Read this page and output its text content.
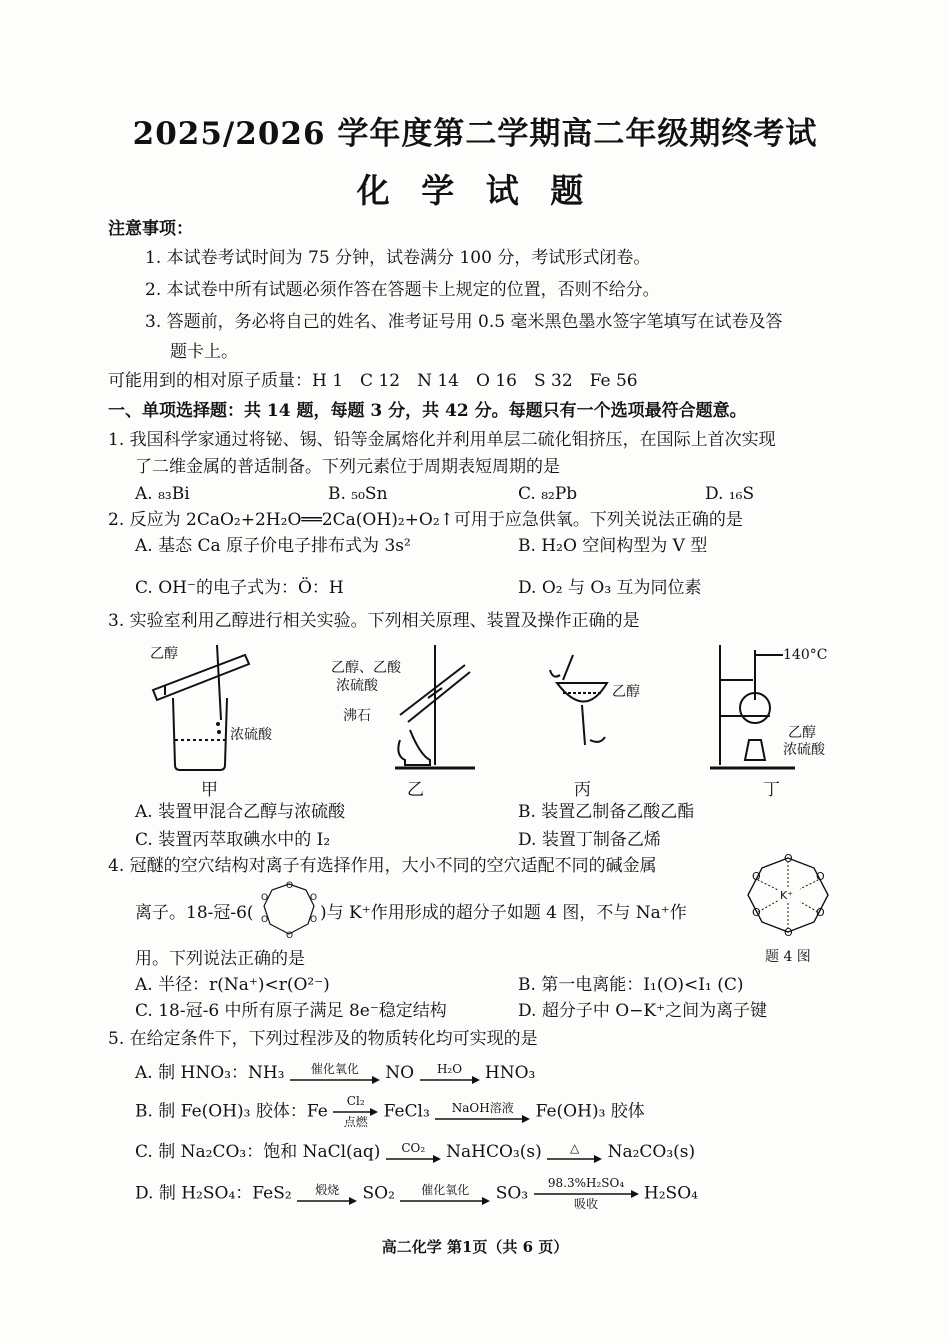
2025/2026 学年度第二学期高二年级期终考试
化 学 试 题
注意事项：
1. 本试卷考试时间为 75 分钟，试卷满分 100 分，考试形式闭卷。
2. 本试卷中所有试题必须作答在答题卡上规定的位置，否则不给分。
3. 答题前，务必将自己的姓名、准考证号用 0.5 毫米黑色墨水签字笔填写在试卷及答
题卡上。
可能用到的相对原子质量：H 1　C 12　N 14　O 16　S 32　Fe 56
一、单项选择题：共 14 题，每题 3 分，共 42 分。每题只有一个选项最符合题意。
1. 我国科学家通过将铋、锡、铅等金属熔化并利用单层二硫化钼挤压，在国际上首次实现
了二维金属的普适制备。下列元素位于周期表短周期的是
A. ₈₃Bi	B. ₅₀Sn	C. ₈₂Pb	D. ₁₆S
2. 反应为 2CaO₂+2H₂O══2Ca(OH)₂+O₂↑可用于应急供氧。下列关说法正确的是
A. 基态 Ca 原子价电子排布式为 3s²	B. H₂O 空间构型为 V 型
C. OH⁻的电子式为：Ö：H	D. O₂ 与 O₃ 互为同位素
3. 实验室利用乙醇进行相关实验。下列相关原理、装置及操作正确的是
乙醇
浓硫酸
乙醇、乙酸
浓硫酸
沸石
乙醇
140°C
乙醇
浓硫酸
甲	乙	丙	丁
A. 装置甲混合乙醇与浓硫酸	B. 装置乙制备乙酸乙酯
C. 装置丙萃取碘水中的 I₂	D. 装置丁制备乙烯
4. 冠醚的空穴结构对离子有选择作用，大小不同的空穴适配不同的碱金属
离子。18-冠-6(
O
O
O
O
O
O
)与 K⁺作用形成的超分子如题 4 图，不与 Na⁺作
用。下列说法正确的是
K⁺
O
O
O
O
O
O
题 4 图
A. 半径：r(Na⁺)<r(O²⁻)	B. 第一电离能：I₁(O)<I₁ (C)
C. 18-冠-6 中所有原子满足 8e⁻稳定结构	D. 超分子中 O−K⁺之间为离子键
5. 在给定条件下，下列过程涉及的物质转化均可实现的是
A. 制 HNO₃：NH₃	催化氧化	NO	H₂O	HNO₃
B. 制 Fe(OH)₃ 胶体：Fe
Cl₂
点燃
FeCl₃	NaOH溶液	Fe(OH)₃ 胶体
C. 制 Na₂CO₃：饱和 NaCl(aq)	CO₂	NaHCO₃(s)	△	Na₂CO₃(s)
D. 制 H₂SO₄：FeS₂	煅烧	SO₂	催化氧化	SO₃
98.3%H₂SO₄
吸收
H₂SO₄
高二化学 第1页（共 6 页）
